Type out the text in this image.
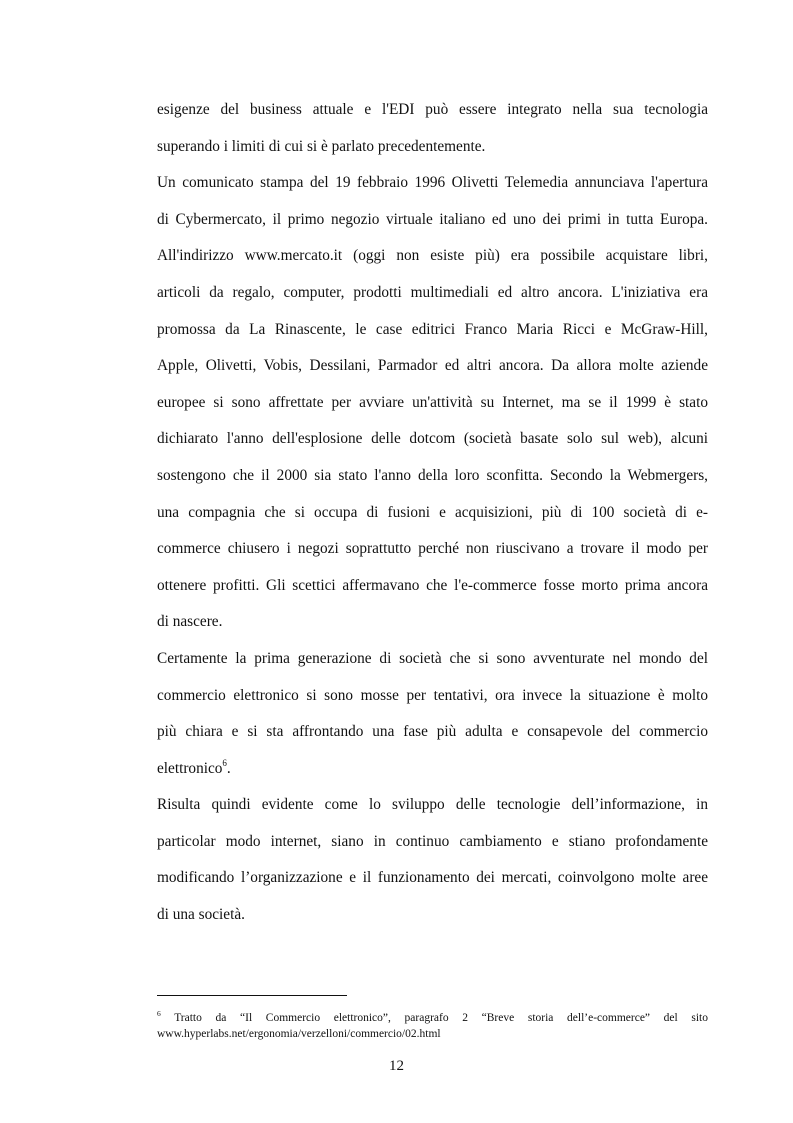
esigenze del business attuale e l'EDI può essere integrato nella sua tecnologia
superando i limiti di cui si è parlato precedentemente.

Un comunicato stampa del 19 febbraio 1996 Olivetti Telemedia annunciava l'apertura
di Cybermercato, il primo negozio virtuale italiano ed uno dei primi in tutta Europa.
All'indirizzo www.mercato.it (oggi non esiste più) era possibile acquistare libri,
articoli da regalo, computer, prodotti multimediali ed altro ancora. L'iniziativa era
promossa da La Rinascente, le case editrici Franco Maria Ricci e McGraw-Hill,
Apple, Olivetti, Vobis, Dessilani, Parmador ed altri ancora. Da allora molte aziende
europee si sono affrettate per avviare un'attività su Internet, ma se il 1999 è stato
dichiarato l'anno dell'esplosione delle dotcom (società basate solo sul web), alcuni
sostengono che il 2000 sia stato l'anno della loro sconfitta. Secondo la Webmergers,
una compagnia che si occupa di fusioni e acquisizioni, più di 100 società di e-
commerce chiusero i negozi soprattutto perché non riuscivano a trovare il modo per
ottenere profitti. Gli scettici affermavano che l'e-commerce fosse morto prima ancora
di nascere.

Certamente la prima generazione di società che si sono avventurate nel mondo del
commercio elettronico si sono mosse per tentativi, ora invece la situazione è molto
più chiara e si sta affrontando una fase più adulta e consapevole del commercio
elettronico$^6$.

Risulta quindi evidente come lo sviluppo delle tecnologie dell’informazione, in
particolar modo internet, siano in continuo cambiamento e stiano profondamente
modificando l’organizzazione e il funzionamento dei mercati, coinvolgono molte aree
di una società.

$^6$ Tratto da “Il Commercio elettronico”, paragrafo 2 “Breve storia dell’e-commerce” del sito
www.hyperlabs.net/ergonomia/verzelloni/commercio/02.html
12
